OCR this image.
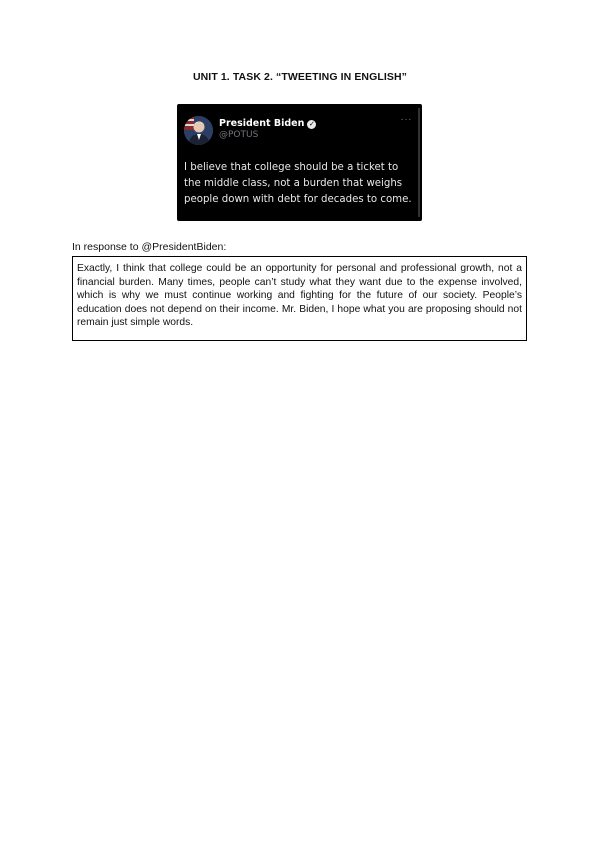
UNIT 1. TASK 2. “TWEETING IN ENGLISH”
President Biden ✓
@POTUS
···
I believe that college should be a ticket to the middle class, not a burden that weighs people down with debt for decades to come.
In response to @PresidentBiden:

Exactly, I think that college could be an opportunity for personal and professional growth, not a financial burden. Many times, people can’t study what they want due to the expense involved, which is why we must continue working and fighting for the future of our society. People’s education does not depend on their income. Mr. Biden, I hope what you are proposing should not remain just simple words.
